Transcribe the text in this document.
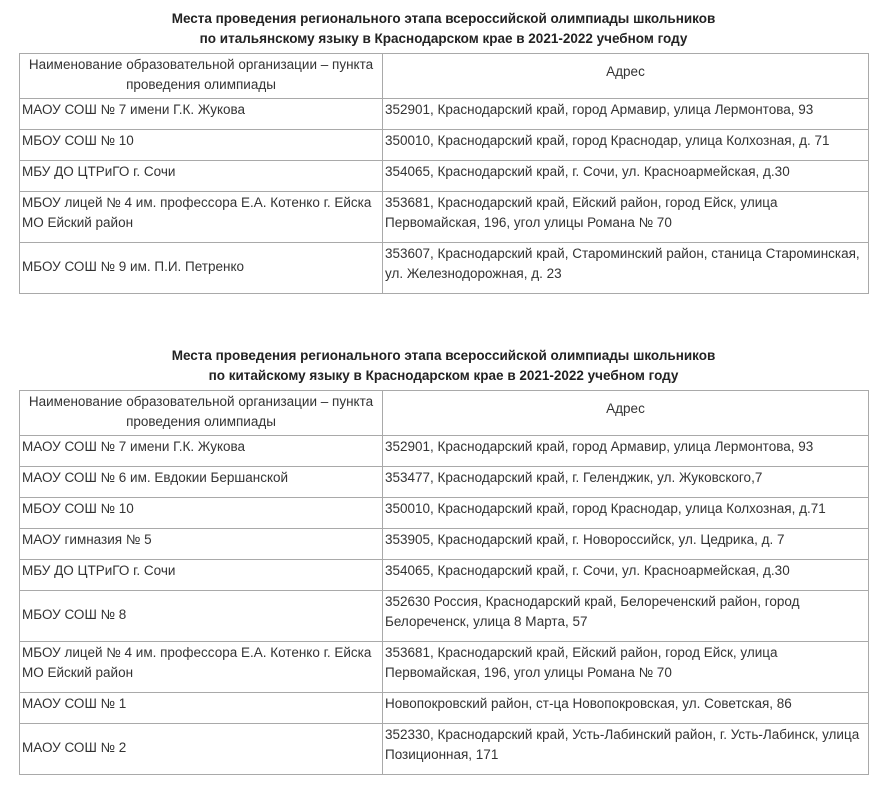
Места проведения регионального этапа всероссийской олимпиады школьников
по итальянскому языку в Краснодарском крае в 2021-2022 учебном году
Наименование образовательной организации – пункта проведения олимпиады	Адрес
МАОУ СОШ № 7 имени Г.К. Жукова	352901, Краснодарский край, город Армавир, улица Лермонтова, 93
МБОУ СОШ № 10	350010, Краснодарский край, город Краснодар, улица Колхозная, д. 71
МБУ ДО ЦТРиГО г. Сочи	354065, Краснодарский край, г. Сочи, ул. Красноармейская, д.30
МБОУ лицей № 4 им. профессора Е.А. Котенко г. Ейска МО Ейский район	353681, Краснодарский край, Ейский район, город Ейск, улица Первомайская, 196, угол улицы Романа № 70
МБОУ СОШ № 9 им. П.И. Петренко	353607, Краснодарский край, Староминский район, станица Староминская, ул. Железнодорожная, д. 23
Места проведения регионального этапа всероссийской олимпиады школьников
по китайскому языку в Краснодарском крае в 2021-2022 учебном году
Наименование образовательной организации – пункта проведения олимпиады	Адрес
МАОУ СОШ № 7 имени Г.К. Жукова	352901, Краснодарский край, город Армавир, улица Лермонтова, 93
МАОУ СОШ № 6 им. Евдокии Бершанской	353477, Краснодарский край, г. Геленджик, ул. Жуковского,7
МБОУ СОШ № 10	350010, Краснодарский край, город Краснодар, улица Колхозная, д.71
МАОУ гимназия № 5	353905, Краснодарский край, г. Новороссийск, ул. Цедрика, д. 7
МБУ ДО ЦТРиГО г. Сочи	354065, Краснодарский край, г. Сочи, ул. Красноармейская, д.30
МБОУ СОШ № 8	352630 Россия, Краснодарский край, Белореченский район, город Белореченск, улица 8 Марта, 57
МБОУ лицей № 4 им. профессора Е.А. Котенко г. Ейска МО Ейский район	353681, Краснодарский край, Ейский район, город Ейск, улица Первомайская, 196, угол улицы Романа № 70
МАОУ СОШ № 1	Новопокровский район, ст-ца Новопокровская, ул. Советская, 86
МАОУ СОШ № 2	352330, Краснодарский край, Усть-Лабинский район, г. Усть-Лабинск, улица Позиционная, 171
